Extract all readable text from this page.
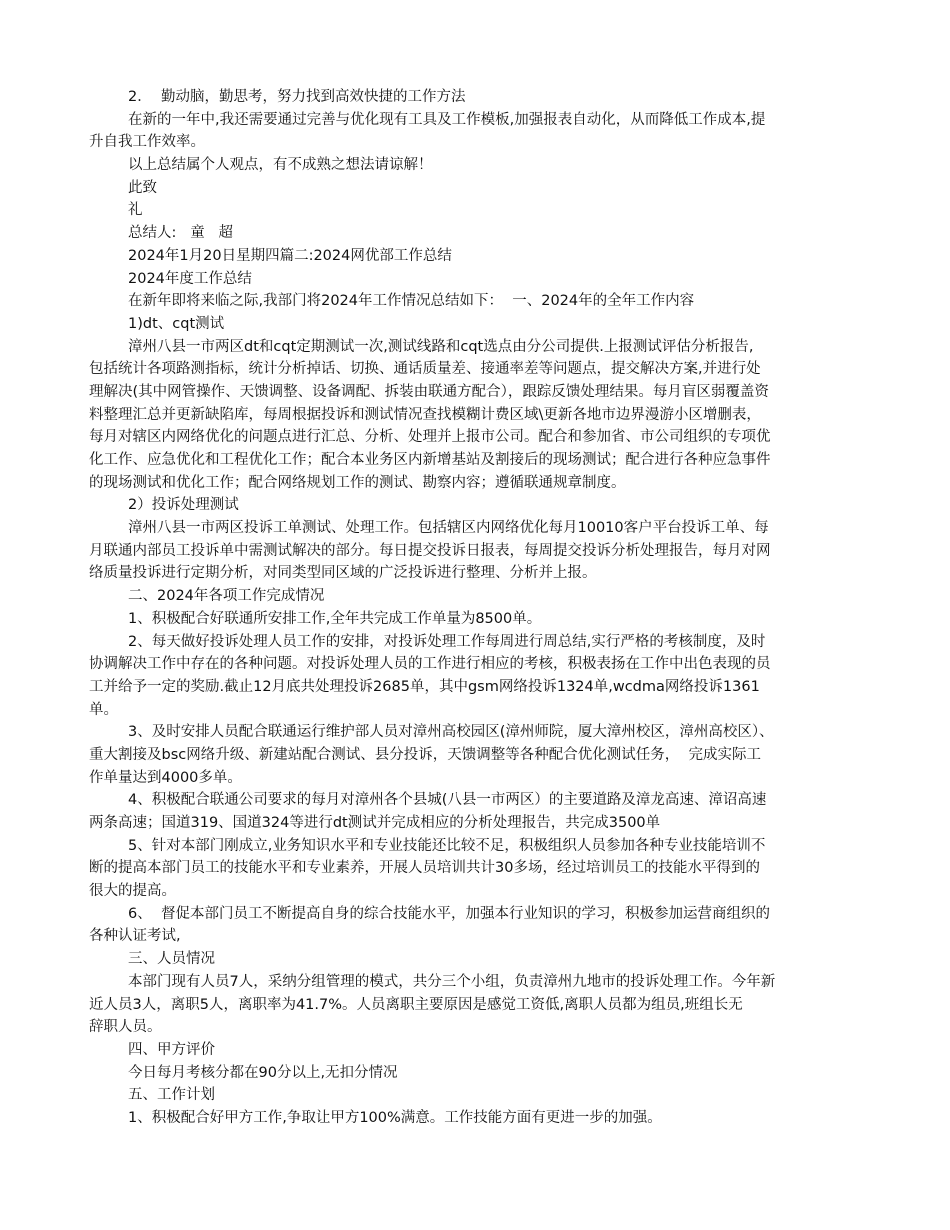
2．  勤动脑，勤思考，努力找到高效快捷的工作方法
在新的一年中,我还需要通过完善与优化现有工具及工作模板,加强报表自动化，从而降低工作成本,提
升自我工作效率。
以上总结属个人观点，有不成熟之想法请谅解！
此致
礼
总结人:   童   超
2024年1月20日星期四篇二:2024网优部工作总结
2024年度工作总结
在新年即将来临之际,我部门将2024年工作情况总结如下：  一、2024年的全年工作内容
1)dt、cqt测试
漳州八县一市两区dt和cqt定期测试一次,测试线路和cqt选点由分公司提供.上报测试评估分析报告,
包括统计各项路测指标，统计分析掉话、切换、通话质量差、接通率差等问题点，提交解决方案,并进行处
理解决(其中网管操作、天馈调整、设备调配、拆装由联通方配合），跟踪反馈处理结果。每月盲区弱覆盖资
料整理汇总并更新缺陷库，每周根据投诉和测试情况查找模糊计费区域\更新各地市边界漫游小区增删表，
每月对辖区内网络优化的问题点进行汇总、分析、处理并上报市公司。配合和参加省、市公司组织的专项优
化工作、应急优化和工程优化工作；配合本业务区内新增基站及割接后的现场测试；配合进行各种应急事件
的现场测试和优化工作；配合网络规划工作的测试、勘察内容；遵循联通规章制度。
2）投诉处理测试
漳州八县一市两区投诉工单测试、处理工作。包括辖区内网络优化每月10010客户平台投诉工单、每
月联通内部员工投诉单中需测试解决的部分。每日提交投诉日报表，每周提交投诉分析处理报告，每月对网
络质量投诉进行定期分析，对同类型同区域的广泛投诉进行整理、分析并上报。
二、2024年各项工作完成情况
1、积极配合好联通所安排工作,全年共完成工作单量为8500单。
2、每天做好投诉处理人员工作的安排，对投诉处理工作每周进行周总结,实行严格的考核制度，及时
协调解决工作中存在的各种问题。对投诉处理人员的工作进行相应的考核，积极表扬在工作中出色表现的员
工并给予一定的奖励.截止12月底共处理投诉2685单，其中gsm网络投诉1324单,wcdma网络投诉1361
单。
3、及时安排人员配合联通运行维护部人员对漳州高校园区(漳州师院，厦大漳州校区，漳州高校区）、
重大割接及bsc网络升级、新建站配合测试、县分投诉，天馈调整等各种配合优化测试任务，  完成实际工
作单量达到4000多单。
4、积极配合联通公司要求的每月对漳州各个县城(八县一市两区）的主要道路及漳龙高速、漳诏高速
两条高速；国道319、国道324等进行dt测试并完成相应的分析处理报告，共完成3500单
5、针对本部门刚成立,业务知识水平和专业技能还比较不足，积极组织人员参加各种专业技能培训不
断的提高本部门员工的技能水平和专业素养，开展人员培训共计30多场，经过培训员工的技能水平得到的
很大的提高。
6、  督促本部门员工不断提高自身的综合技能水平，加强本行业知识的学习，积极参加运营商组织的
各种认证考试,
三、人员情况
本部门现有人员7人，采纳分组管理的模式，共分三个小组，负责漳州九地市的投诉处理工作。今年新
近人员3人，离职5人，离职率为41.7%。人员离职主要原因是感觉工资低,离职人员都为组员,班组长无
辞职人员。
四、甲方评价
今日每月考核分都在90分以上,无扣分情况
五、工作计划
1、积极配合好甲方工作,争取让甲方100%满意。工作技能方面有更进一步的加强。
